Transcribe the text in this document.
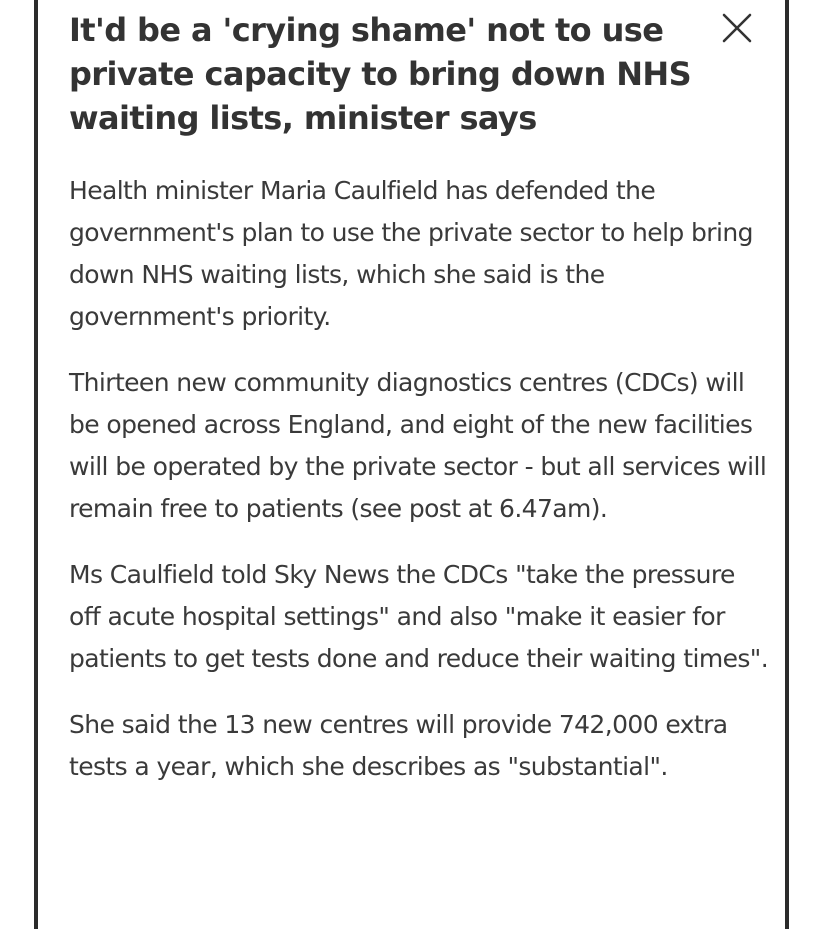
It'd be a 'crying shame' not to use private capacity to bring down NHS waiting lists, minister says

Health minister Maria Caulfield has defended the government's plan to use the private sector to help bring down NHS waiting lists, which she said is the government's priority.

Thirteen new community diagnostics centres (CDCs) will be opened across England, and eight of the new facilities will be operated by the private sector - but all services will remain free to patients (see post at 6.47am).

Ms Caulfield told Sky News the CDCs "take the pressure off acute hospital settings" and also "make it easier for patients to get tests done and reduce their waiting times".

She said the 13 new centres will provide 742,000 extra tests a year, which she describes as "substantial".
